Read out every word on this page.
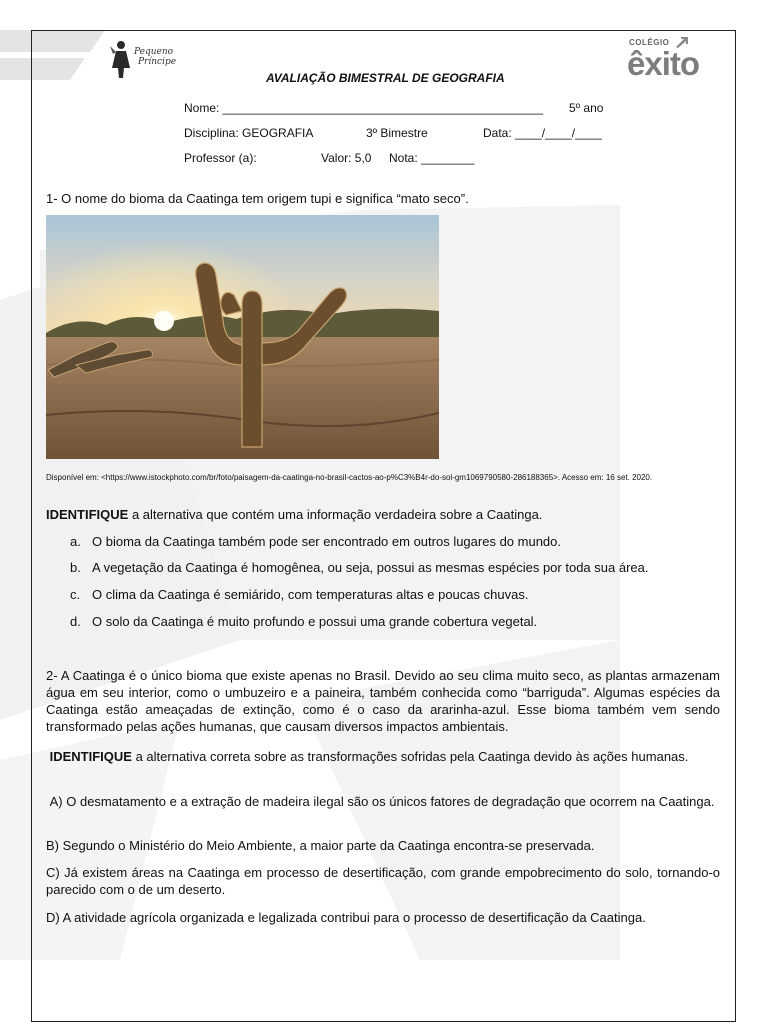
Pequeno
Príncipe
COLÉGIO
êxito
AVALIAÇÃO BIMESTRAL DE GEOGRAFIA
Nome: ________________________________________________ 5º ano
Disciplina: GEOGRAFIA	3º Bimestre	Data: ____/____/____
Professor (a):	Valor: 5,0 Nota: ________
1- O nome do bioma da Caatinga tem origem tupi e significa “mato seco”.
Disponível em: <https://www.istockphoto.com/br/foto/paisagem-da-caatinga-no-brasil-cactos-ao-p%C3%B4r-do-sol-gm1069790580-286188365>. Acesso em: 16 set. 2020.
IDENTIFIQUE a alternativa que contém uma informação verdadeira sobre a Caatinga.
a. O bioma da Caatinga também pode ser encontrado em outros lugares do mundo.
b. A vegetação da Caatinga é homogênea, ou seja, possui as mesmas espécies por toda sua área.
c. O clima da Caatinga é semiárido, com temperaturas altas e poucas chuvas.
d. O solo da Caatinga é muito profundo e possui uma grande cobertura vegetal.
2- A Caatinga é o único bioma que existe apenas no Brasil. Devido ao seu clima muito seco, as plantas armazenam água em seu interior, como o umbuzeiro e a paineira, também conhecida como “barriguda”. Algumas espécies da Caatinga estão ameaçadas de extinção, como é o caso da ararinha-azul. Esse bioma também vem sendo transformado pelas ações humanas, que causam diversos impactos ambientais.
IDENTIFIQUE a alternativa correta sobre as transformações sofridas pela Caatinga devido às ações humanas.
A) O desmatamento e a extração de madeira ilegal são os únicos fatores de degradação que ocorrem na Caatinga.
B) Segundo o Ministério do Meio Ambiente, a maior parte da Caatinga encontra-se preservada.
C) Já existem áreas na Caatinga em processo de desertificação, com grande empobrecimento do solo, tornando-o parecido com o de um deserto.
D) A atividade agrícola organizada e legalizada contribui para o processo de desertificação da Caatinga.
